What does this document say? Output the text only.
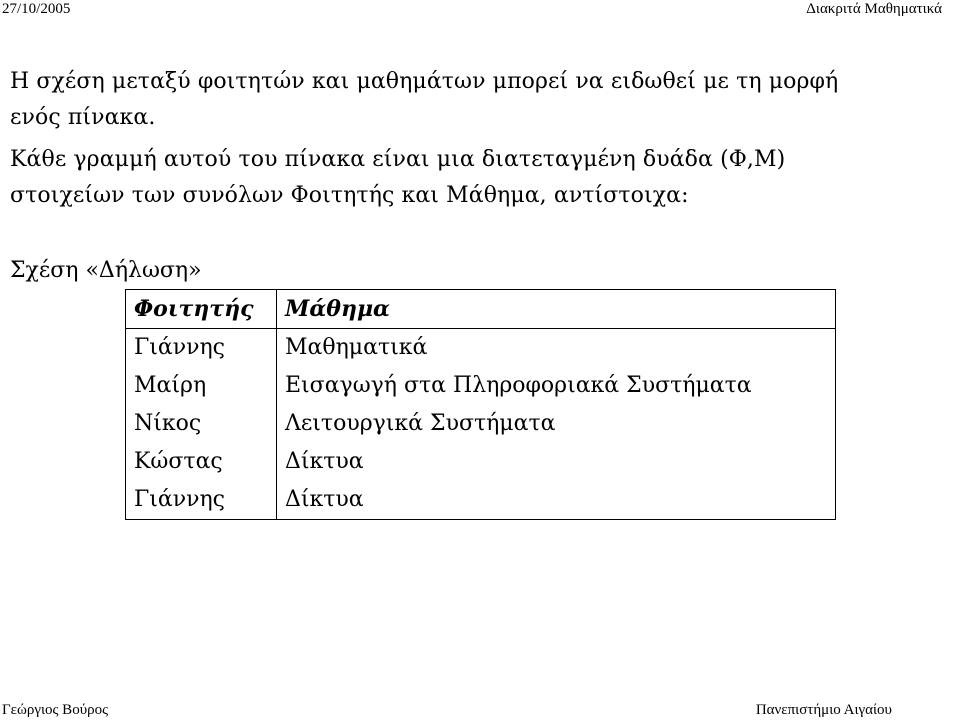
27/10/2005	Διακριτά Μαθηματικά
Η σχέση μεταξύ φοιτητών και μαθημάτων μπορεί να ειδωθεί με τη μορφή
ενός πίνακα.
Κάθε γραμμή αυτού του πίνακα είναι μια διατεταγμένη δυάδα (Φ,Μ)
στοιχείων των συνόλων Φοιτητής και Μάθημα, αντίστοιχα:
Σχέση «Δήλωση»
Φοιτητής	Μάθημα
Γιάννης	Μαθηματικά
Μαίρη	Εισαγωγή στα Πληροφοριακά Συστήματα
Νίκος	Λειτουργικά Συστήματα
Κώστας	Δίκτυα
Γιάννης	Δίκτυα
Γεώργιος Βούρος	Πανεπιστήμιο Αιγαίου
